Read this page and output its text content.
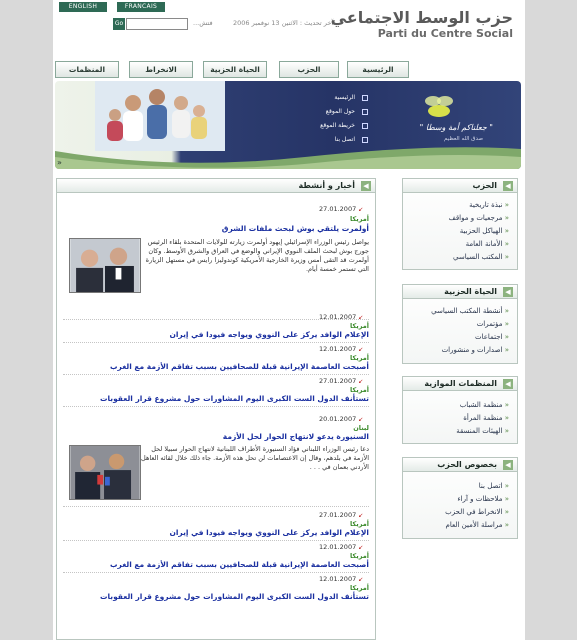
ENGLISH	FRANCAIS
Go	فتش...	آخر تحديث : الاثنين 13 نوفمبر 2006
حزب الوسط الاجتماعي
Parti du Centre Social
الرئيسية
الحزب
الحياة الحزبية
الانخراط
المنظمات
الرئيسية
حول الموقع
خريطة الموقع
اتصل بنا
" جعلناكم أمة وسطا "
صدق الله العظيم
»
◀
أخبار و أنشطة
27.01.2007 ↙
أمريكا
أولمرت يلتقي بوش لبحث ملفات الشرق
يواصل رئيس الوزراء الإسرائيلي إيهود أولمرت زيارته للولايات المتحدة بلقاء الرئيس جورج بوش لبحث الملف النووي الإيراني والوضع في العراق والشرق الأوسط. وكان أولمرت قد التقى أمس وزيرة الخارجية الأمريكية كوندوليزا رايس في مستهل الزيارة التي تستمر خمسة أيام.
12.01.2007 ↙
أمريكا
الإعلام الوافد يركز على النووي ويواجه فيودا في إيران
12.01.2007 ↙
أمريكا
أصبحت العاصمة الإيرانية قبلة للصحافيين بسبب تفاقم الأزمة مع الغرب
27.01.2007 ↙
أمريكا
تستأنف الدول الست الكبرى اليوم المشاورات حول مشروع قرار العقوبات
20.01.2007 ↙
لبنان
السنيورة يدعو لانتهاج الحوار لحل الأزمة
دعا رئيس الوزراء اللبناني فؤاد السنيورة الأطراف اللبنانية لانتهاج الحوار سبيلا لحل الأزمة في بلدهم، وقال إن الاعتصامات لن تحل هذه الأزمة. جاء ذلك خلال لقائه العاهل الأردني بعمان في . . .
27.01.2007 ↙
أمريكا
الإعلام الوافد يركز على النووي ويواجه فيودا في إيران
12.01.2007 ↙
أمريكا
أصبحت العاصمة الإيرانية قبلة للصحافيين بسبب تفاقم الأزمة مع الغرب
12.01.2007 ↙
أمريكا
تستأنف الدول الست الكبرى اليوم المشاورات حول مشروع قرار العقوبات
◀
الحزب
« نبذة تاريخية
« مرجعيات و مواقف
« الهياكل الحزبية
« الأمانة العامة
« المكتب السياسي
◀
الحياة الحزبية
« أنشطة المكتب السياسي
« مؤتمرات
« اجتماعات
« اصدارات و منشورات
◀
المنظمات الموازية
« منظمة الشباب
« منظمة المرأة
« الهيئات المنسقة
◀
بخصوص الحزب
« اتصل بنا
« ملاحظات و آراء
« الانخراط في الحزب
« مراسلة الأمين العام
